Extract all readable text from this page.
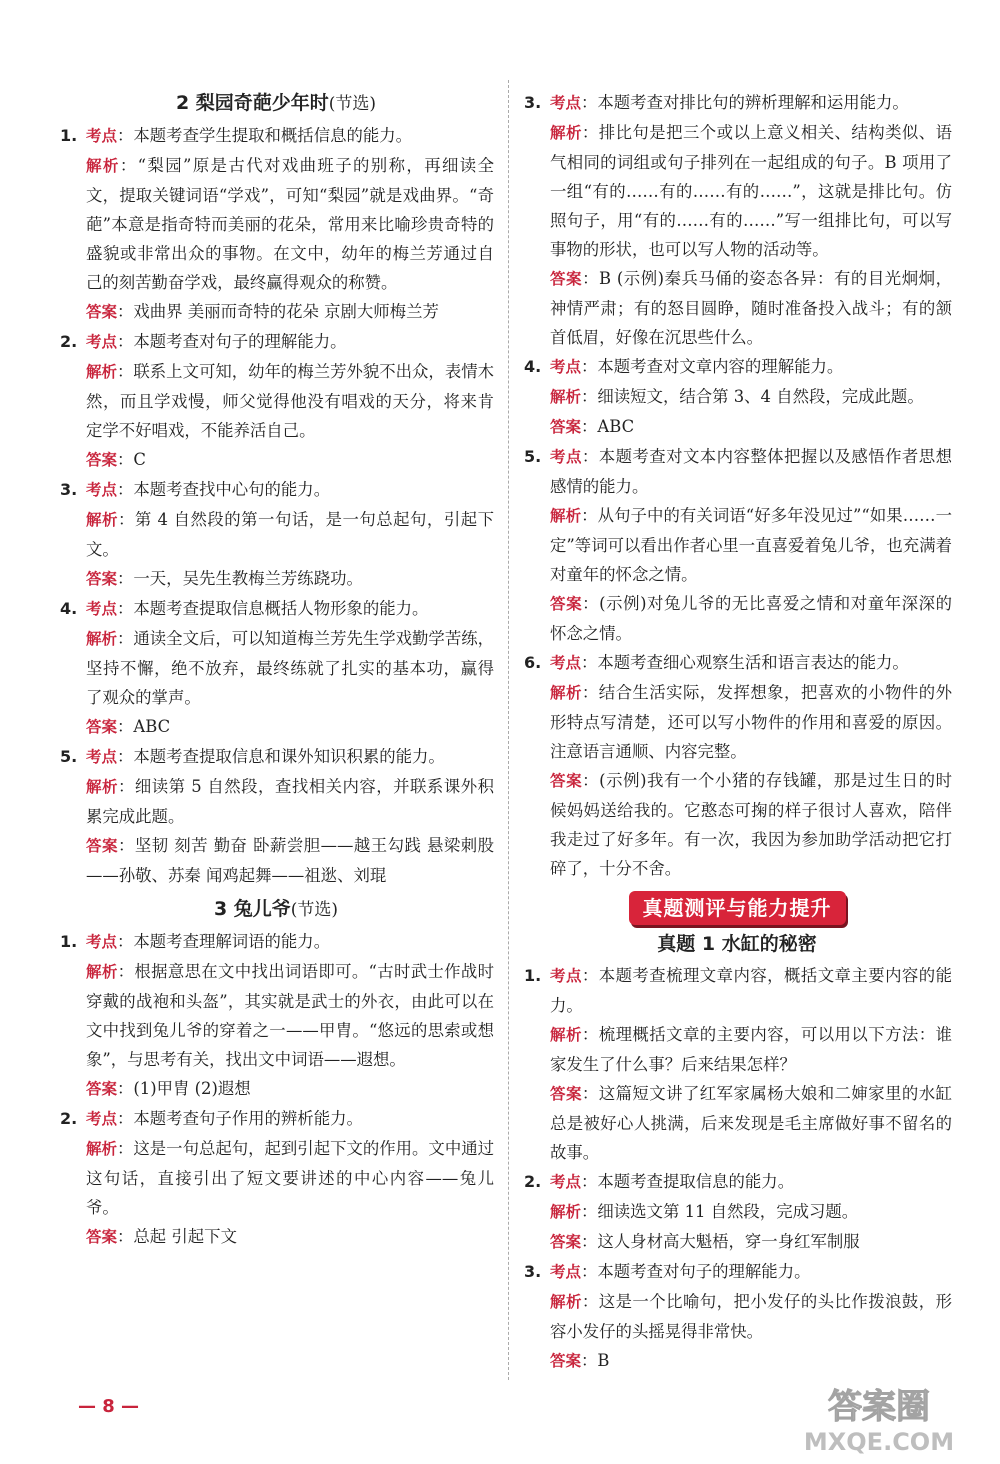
2 梨园奇葩少年时(节选)
1. 考点：本题考查学生提取和概括信息的能力。

解析：“梨园”原是古代对戏曲班子的别称，再细读全文，提取关键词语“学戏”，可知“梨园”就是戏曲界。“奇葩”本意是指奇特而美丽的花朵，常用来比喻珍贵奇特的盛貌或非常出众的事物。在文中，幼年的梅兰芳通过自己的刻苦勤奋学戏，最终赢得观众的称赞。

答案：戏曲界 美丽而奇特的花朵 京剧大师梅兰芳

2. 考点：本题考查对句子的理解能力。

解析：联系上文可知，幼年的梅兰芳外貌不出众，表情木然，而且学戏慢，师父觉得他没有唱戏的天分，将来肯定学不好唱戏，不能养活自己。

答案：C

3. 考点：本题考查找中心句的能力。

解析：第 4 自然段的第一句话，是一句总起句，引起下文。

答案：一天，吴先生教梅兰芳练跷功。

4. 考点：本题考查提取信息概括人物形象的能力。

解析：通读全文后，可以知道梅兰芳先生学戏勤学苦练，坚持不懈，绝不放弃，最终练就了扎实的基本功，赢得了观众的掌声。

答案：ABC

5. 考点：本题考查提取信息和课外知识积累的能力。

解析：细读第 5 自然段，查找相关内容，并联系课外积累完成此题。

答案：坚韧 刻苦 勤奋 卧薪尝胆——越王勾践 悬梁刺股——孙敬、苏秦 闻鸡起舞——祖逖、刘琨

3 兔儿爷(节选)
1. 考点：本题考查理解词语的能力。

解析：根据意思在文中找出词语即可。“古时武士作战时穿戴的战袍和头盔”，其实就是武士的外衣，由此可以在文中找到兔儿爷的穿着之一——甲胄。“悠远的思索或想象”，与思考有关，找出文中词语——遐想。

答案：(1)甲胄 (2)遐想

2. 考点：本题考查句子作用的辨析能力。

解析：这是一句总起句，起到引起下文的作用。文中通过这句话，直接引出了短文要讲述的中心内容——兔儿爷。

答案：总起 引起下文

3. 考点：本题考查对排比句的辨析理解和运用能力。

解析：排比句是把三个或以上意义相关、结构类似、语气相同的词组或句子排列在一起组成的句子。B 项用了一组“有的……有的……有的……”，这就是排比句。仿照句子，用“有的……有的……”写一组排比句，可以写事物的形状，也可以写人物的活动等。

答案：B (示例)秦兵马俑的姿态各异：有的目光炯炯，神情严肃；有的怒目圆睁，随时准备投入战斗；有的颔首低眉，好像在沉思些什么。

4. 考点：本题考查对文章内容的理解能力。

解析：细读短文，结合第 3、4 自然段，完成此题。

答案：ABC

5. 考点：本题考查对文本内容整体把握以及感悟作者思想感情的能力。

解析：从句子中的有关词语“好多年没见过”“如果……一定”等词可以看出作者心里一直喜爱着兔儿爷，也充满着对童年的怀念之情。

答案：(示例)对兔儿爷的无比喜爱之情和对童年深深的怀念之情。

6. 考点：本题考查细心观察生活和语言表达的能力。

解析：结合生活实际，发挥想象，把喜欢的小物件的外形特点写清楚，还可以写小物件的作用和喜爱的原因。注意语言通顺、内容完整。

答案：(示例)我有一个小猪的存钱罐，那是过生日的时候妈妈送给我的。它憨态可掬的样子很讨人喜欢，陪伴我走过了好多年。有一次，我因为参加助学活动把它打碎了，十分不舍。

真题测评与能力提升
真题 1 水缸的秘密
1. 考点：本题考查梳理文章内容，概括文章主要内容的能力。

解析：梳理概括文章的主要内容，可以用以下方法：谁家发生了什么事？后来结果怎样？

答案：这篇短文讲了红军家属杨大娘和二婶家里的水缸总是被好心人挑满，后来发现是毛主席做好事不留名的故事。

2. 考点：本题考查提取信息的能力。

解析：细读选文第 11 自然段，完成习题。

答案：这人身材高大魁梧，穿一身红军制服

3. 考点：本题考查对句子的理解能力。

解析：这是一个比喻句，把小发仔的头比作拨浪鼓，形容小发仔的头摇晃得非常快。

答案：B

— 8 —	答案圈
MXQE.COM
